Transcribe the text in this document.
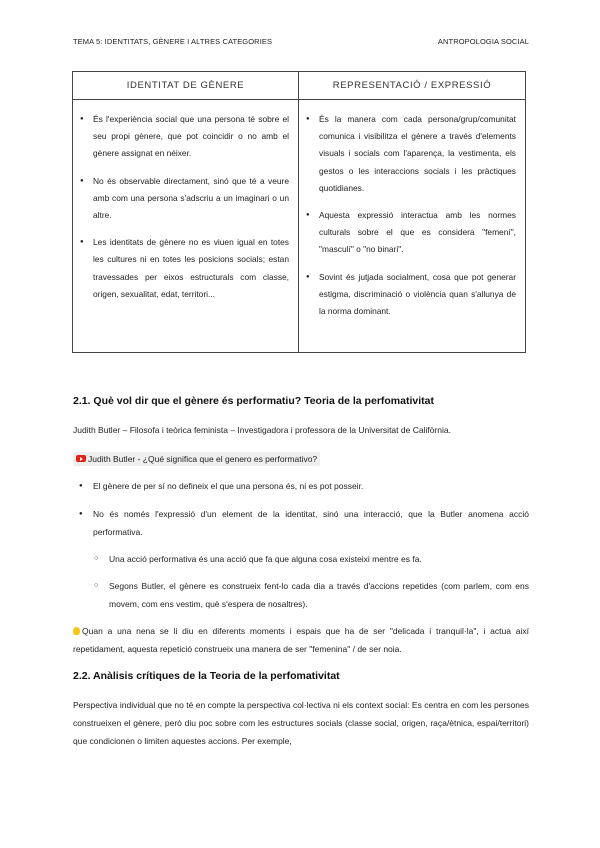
TEMA 5: IDENTITATS, GÈNERE I ALTRES CATEGORIES	ANTROPOLOGIA SOCIAL
IDENTITAT DE GÈNERE	REPRESENTACIÓ / EXPRESSIÓ
● És l'experiència social que una persona té sobre el seu propi gènere, que pot coincidir o no amb el gènere assignat en néixer.
● No és observable directament, sinó que té a veure amb com una persona s'adscriu a un imaginari o un altre.
● Les identitats de gènere no es viuen igual en totes les cultures ni en totes les posicions socials; estan travessades per eixos estructurals com classe, origen, sexualitat, edat, territori...
● És la manera com cada persona/grup/comunitat comunica i visibilitza el gènere a través d'elements visuals i socials com l'aparença, la vestimenta, els gestos o les interaccions socials i les pràctiques quotidianes.
● Aquesta expressió interactua amb les normes culturals sobre el que es considera "femení", "masculí" o "no binari".
● Sovint és jutjada socialment, cosa que pot generar estigma, discriminació o violència quan s'allunya de la norma dominant.
2.1. Què vol dir que el gènere és performatiu? Teoria de la perfomativitat
Judith Butler – Filosofa i teòrica feminista – Investigadora i professora de la Universitat de Califòrnia.
Judith Butler - ¿Qué significa que el genero es performativo?
● El gènere de per sí no defineix el que una persona és, ni es pot posseir.
● No és només l'expressió d'un element de la identitat, sinó una interacció, que la Butler anomena acció performativa.
○ Una acció performativa és una acció que fa que alguna cosa existeixi mentre es fa.
○ Segons Butler, el gènere es construeix fent-lo cada dia a través d'accions repetides (com parlem, com ens movem, com ens vestim, què s'espera de nosaltres).
Quan a una nena se li diu en diferents moments i espais que ha de ser "delicada i tranquil·la", i actua així repetidament, aquesta repetició construeix una manera de ser "femenina" / de ser noia.
2.2. Anàlisis crítiques de la Teoria de la perfomativitat
Perspectiva individual que no té en compte la perspectiva col·lectiva ni els context social: Es centra en com les persones construeixen el gènere, però diu poc sobre com les estructures socials (classe social, origen, raça/ètnica, espai/territori) que condicionen o limiten aquestes accions. Per exemple,
